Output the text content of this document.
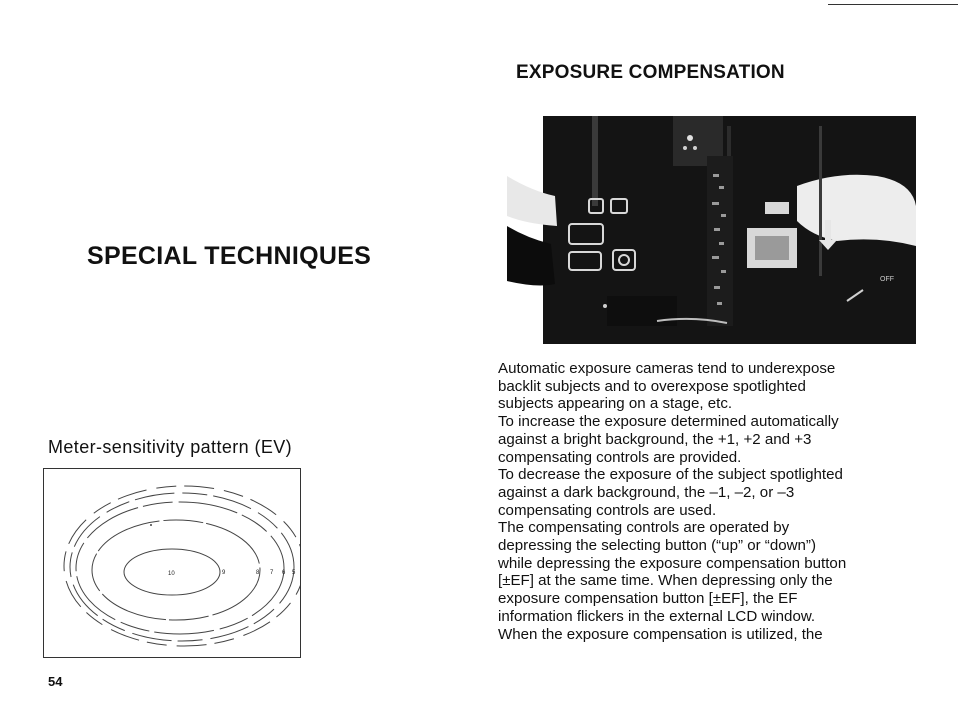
SPECIAL TECHNIQUES
Meter-sensitivity pattern (EV)
10	9	8 7 6 5
54
EXPOSURE COMPENSATION
OFF

Automatic exposure cameras tend to underexpose

backlit subjects and to overexpose spotlighted

subjects appearing on a stage, etc.

To increase the exposure determined automatically

against a bright background, the +1, +2 and +3

compensating controls are provided.

To decrease the exposure of the subject spotlighted

against a dark background, the –1, –2, or –3

compensating controls are used.

The compensating controls are operated by

depressing the selecting button (“up” or “down”)

while depressing the exposure compensation button

[±EF] at the same time. When depressing only the

exposure compensation button [±EF], the EF

information flickers in the external LCD window.

When the exposure compensation is utilized, the
